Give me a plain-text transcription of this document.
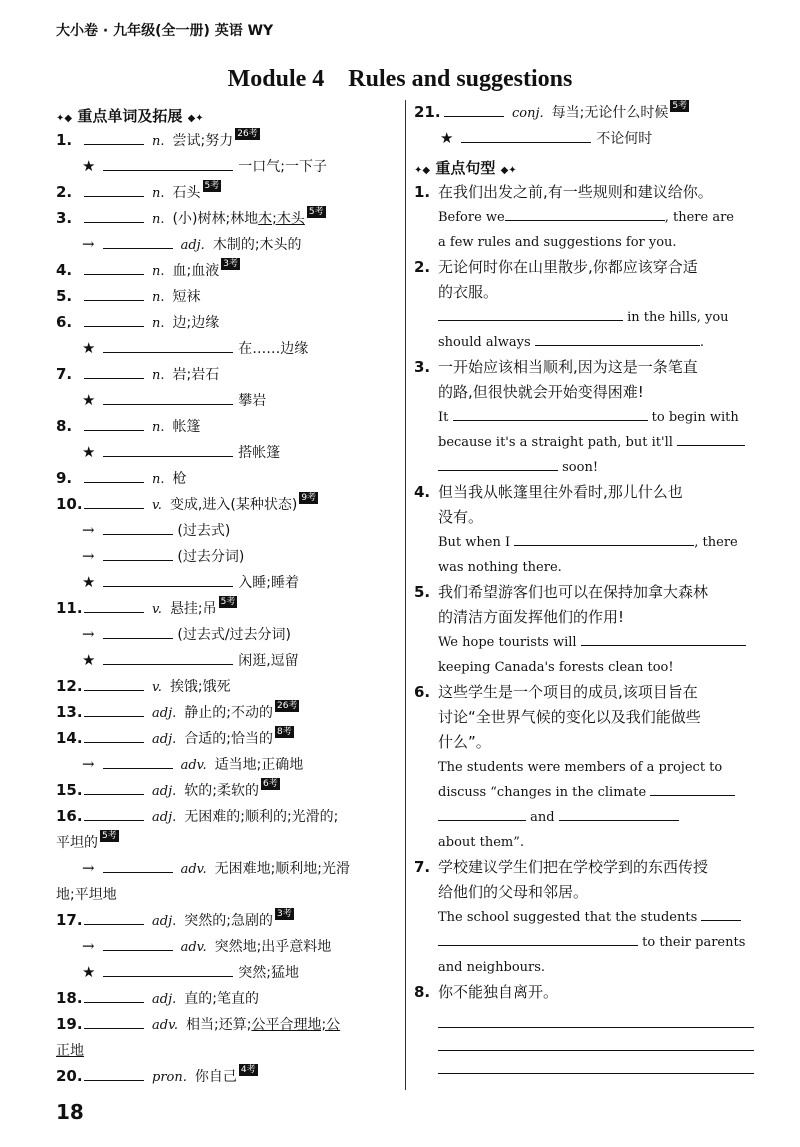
大小卷 · 九年级(全一册) 英语 WY
Module 4　Rules and suggestions
✦◆ 重点单词及拓展 ◆✦
1.	n. 尝试;努力 26考
★	一口气;一下子
2.	n. 石头 5考
3.	n. (小)树林;林地木;木头 5考
→	adj. 木制的;木头的
4.	n. 血;血液 3考
5.	n. 短袜
6.	n. 边;边缘
★	在……边缘
7.	n. 岩;岩石
★	攀岩
8.	n. 帐篷
★	搭帐篷
9.	n. 枪
10.	v. 变成,进入(某种状态) 9考
→	(过去式)
→	(过去分词)
★	入睡;睡着
11.	v. 悬挂;吊 5考
→	(过去式/过去分词)
★	闲逛,逗留
12.	v. 挨饿;饿死
13.	adj. 静止的;不动的 26考
14.	adj. 合适的;恰当的 8考
→	adv. 适当地;正确地
15.	adj. 软的;柔软的 6考
16.	adj. 无困难的;顺利的;光滑的;
平坦的 5考
→	adv. 无困难地;顺利地;光滑
地;平坦地
17.	adj. 突然的;急剧的 3考
→	adv. 突然地;出乎意料地
★	突然;猛地
18.	adj. 直的;笔直的
19.	adv. 相当;还算;公平合理地;公
正地
20.	pron. 你自己 4考
21.	conj. 每当;无论什么时候 5考
★	不论何时
✦◆ 重点句型 ◆✦
1. 在我们出发之前,有一些规则和建议给你。
Before we	, there are
a few rules and suggestions for you.
2. 无论何时你在山里散步,你都应该穿合适
的衣服。
in the hills, you
should always	.
3. 一开始应该相当顺利,因为这是一条笔直
的路,但很快就会开始变得困难!
It	to begin with
because it's a straight path, but it'll
soon!
4. 但当我从帐篷里往外看时,那儿什么也
没有。
But when I	, there
was nothing there.
5. 我们希望游客们也可以在保持加拿大森林
的清洁方面发挥他们的作用!
We hope tourists will
keeping Canada's forests clean too!
6. 这些学生是一个项目的成员,该项目旨在
讨论“全世界气候的变化以及我们能做些
什么”。
The students were members of a project to
discuss “changes in the climate
and
about them”.
7. 学校建议学生们把在学校学到的东西传授
给他们的父母和邻居。
The school suggested that the students
to their parents
and neighbours.
8. 你不能独自离开。
18
